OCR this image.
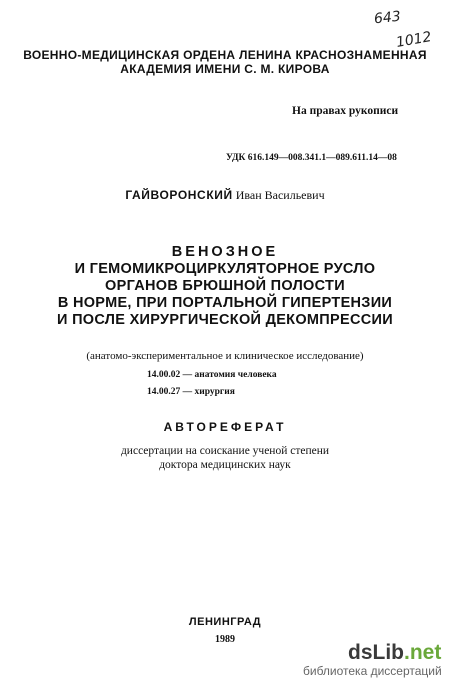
643
1012
ВОЕННО-МЕДИЦИНСКАЯ ОРДЕНА ЛЕНИНА КРАСНОЗНАМЕННАЯ
АКАДЕМИЯ ИМЕНИ С. М. КИРОВА
На правах рукописи
УДК 616.149—008.341.1—089.611.14—08
ГАЙВОРОНСКИЙ Иван Васильевич
ВЕНОЗНОЕ
И ГЕМОМИКРОЦИРКУЛЯТОРНОЕ РУСЛО
ОРГАНОВ БРЮШНОЙ ПОЛОСТИ
В НОРМЕ, ПРИ ПОРТАЛЬНОЙ ГИПЕРТЕНЗИИ
И ПОСЛЕ ХИРУРГИЧЕСКОЙ ДЕКОМПРЕССИИ
(анатомо-экспериментальное и клиническое исследование)
14.00.02 — анатомия человека
14.00.27 — хирургия
АВТОРЕФЕРАТ
диссертации на соискание ученой степени
доктора медицинских наук
ЛЕНИНГРАД
1989
dsLib.net
библиотека диссертаций
